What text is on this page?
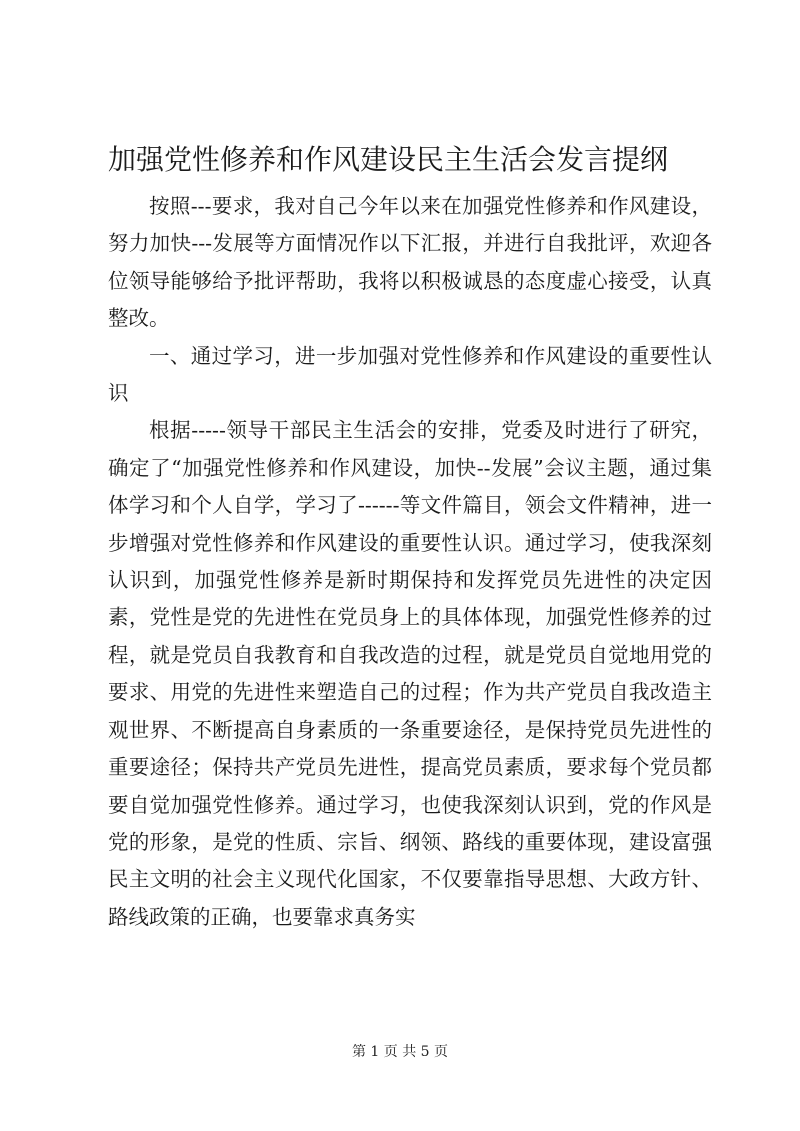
加强党性修养和作风建设民主生活会发言提纲

按照---要求，我对自己今年以来在加强党性修养和作风建设，努力加快---发展等方面情况作以下汇报，并进行自我批评，欢迎各位领导能够给予批评帮助，我将以积极诚恳的态度虚心接受，认真整改。

一、通过学习，进一步加强对党性修养和作风建设的重要性认识

根据-----领导干部民主生活会的安排，党委及时进行了研究，确定了“加强党性修养和作风建设，加快--发展”会议主题，通过集体学习和个人自学，学习了------等文件篇目，领会文件精神，进一步增强对党性修养和作风建设的重要性认识。通过学习，使我深刻认识到，加强党性修养是新时期保持和发挥党员先进性的决定因素，党性是党的先进性在党员身上的具体体现，加强党性修养的过程，就是党员自我教育和自我改造的过程，就是党员自觉地用党的要求、用党的先进性来塑造自己的过程；作为共产党员自我改造主观世界、不断提高自身素质的一条重要途径，是保持党员先进性的重要途径；保持共产党员先进性，提高党员素质，要求每个党员都要自觉加强党性修养。通过学习，也使我深刻认识到，党的作风是党的形象，是党的性质、宗旨、纲领、路线的重要体现，建设富强民主文明的社会主义现代化国家，不仅要靠指导思想、大政方针、路线政策的正确，也要靠求真务实

第 1 页 共 5 页
